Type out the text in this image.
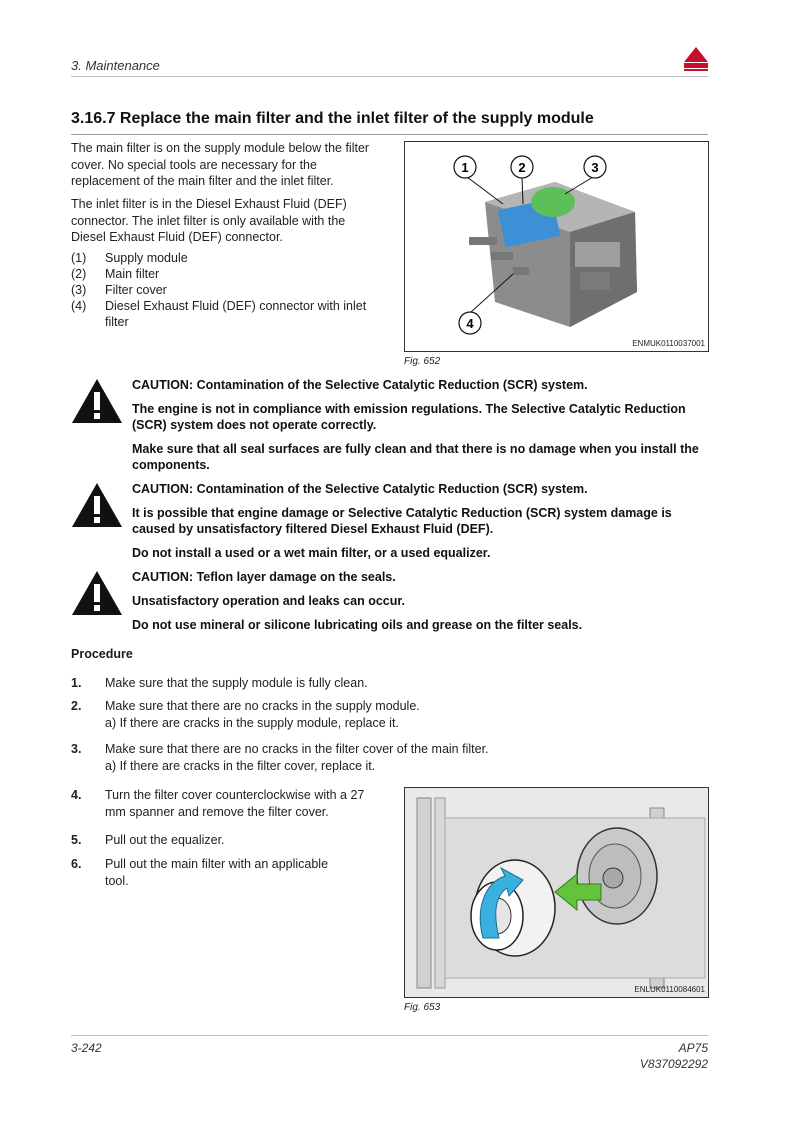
3. Maintenance
3.16.7 Replace the main filter and the inlet filter of the supply module
The main filter is on the supply module below the filter cover. No special tools are necessary for the replacement of the main filter and the inlet filter.
The inlet filter is in the Diesel Exhaust Fluid (DEF) connector. The inlet filter is only available with the Diesel Exhaust Fluid (DEF) connector.
(1)	Supply module
(2)	Main filter
(3)	Filter cover
(4)	Diesel Exhaust Fluid (DEF) connector with inlet filter
1	2	3
4
ENMUK0110037001
Fig. 652
CAUTION: Contamination of the Selective Catalytic Reduction (SCR) system.
The engine is not in compliance with emission regulations. The Selective Catalytic Reduction (SCR) system does not operate correctly.
Make sure that all seal surfaces are fully clean and that there is no damage when you install the components.
CAUTION: Contamination of the Selective Catalytic Reduction (SCR) system.
It is possible that engine damage or Selective Catalytic Reduction (SCR) system damage is caused by unsatisfactory filtered Diesel Exhaust Fluid (DEF).
Do not install a used or a wet main filter, or a used equalizer.
CAUTION: Teflon layer damage on the seals.
Unsatisfactory operation and leaks can occur.
Do not use mineral or silicone lubricating oils and grease on the filter seals.
Procedure
1. Make sure that the supply module is fully clean.
2. Make sure that there are no cracks in the supply module.
a) If there are cracks in the supply module, replace it.
3. Make sure that there are no cracks in the filter cover of the main filter.
a) If there are cracks in the filter cover, replace it.
4. Turn the filter cover counterclockwise with a 27 mm spanner and remove the filter cover.
5. Pull out the equalizer.
6. Pull out the main filter with an applicable tool.
ENLUK0110084601
Fig. 653
3-242	AP75
V837092292
